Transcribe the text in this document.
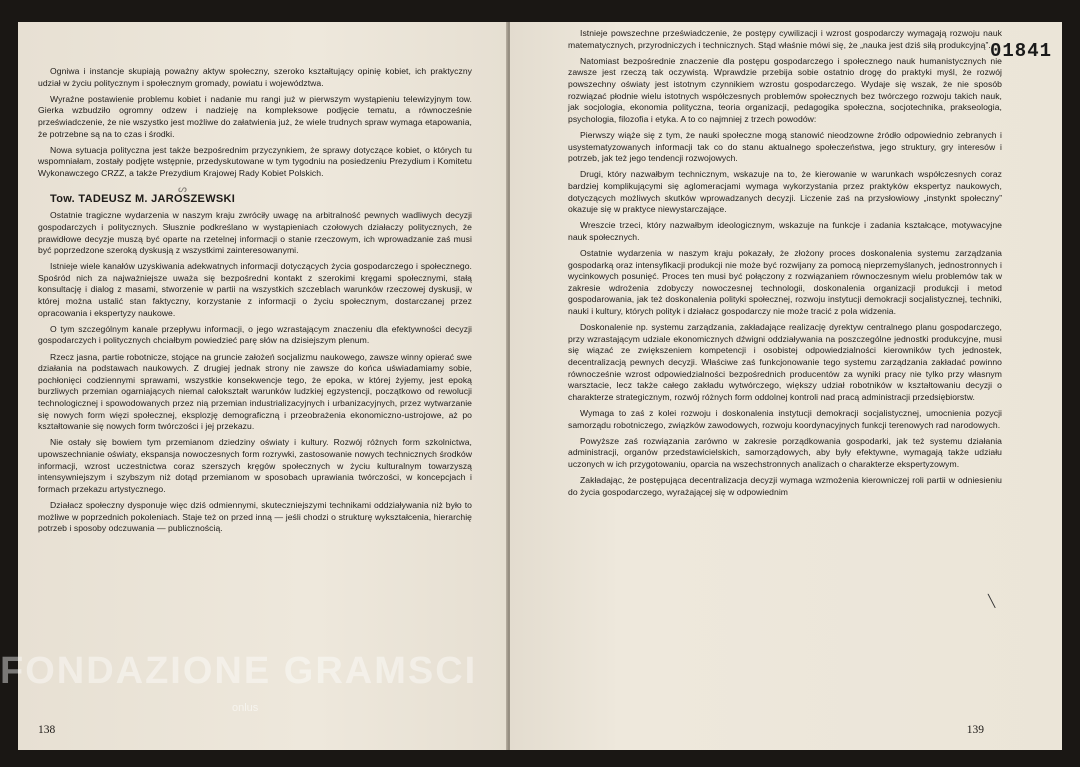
Ogniwa i instancje skupiają poważny aktyw społeczny, szeroko kształtujący opinię kobiet, ich praktyczny udział w życiu politycznym i społecznym gromady, powiatu i województwa.

Wyraźne postawienie problemu kobiet i nadanie mu rangi już w pierwszym wystąpieniu telewizyjnym tow. Gierka wzbudziło ogromny odzew i nadzieję na kompleksowe podjęcie tematu, a równocześnie przeświadczenie, że nie wszystko jest możliwe do załatwienia już, że wiele trudnych spraw wymaga etapowania, że potrzebne są na to czas i środki.

Nowa sytuacja polityczna jest także bezpośrednim przyczynkiem, że sprawy dotyczące kobiet, o których tu wspomniałam, zostały podjęte wstępnie, przedyskutowane w tym tygodniu na posiedzeniu Prezydium i Komitetu Wykonawczego CRZZ, a także Prezydium Krajowej Rady Kobiet Polskich.

ᔕ

Tow. TADEUSZ M. JAROSZEWSKI

Ostatnie tragiczne wydarzenia w naszym kraju zwróciły uwagę na arbitralność pewnych wadliwych decyzji gospodarczych i politycznych. Słusznie podkreślano w wystąpieniach czołowych działaczy politycznych, że prawidłowe decyzje muszą być oparte na rzetelnej informacji o stanie rzeczowym, ich wprowadzanie zaś musi być poprzedzone szeroką dyskusją z wszystkimi zainteresowanymi.

Istnieje wiele kanałów uzyskiwania adekwatnych informacji dotyczących życia gospodarczego i społecznego. Spośród nich za najważniejsze uważa się bezpośredni kontakt z szerokimi kręgami społecznymi, stałą konsultację i dialog z masami, stworzenie w partii na wszystkich szczeblach warunków rzeczowej dyskusji, w której można ustalić stan faktyczny, korzystanie z informacji o życiu społecznym, dostarczanej przez opracowania i ekspertyzy naukowe.

O tym szczególnym kanale przepływu informacji, o jego wzrastającym znaczeniu dla efektywności decyzji gospodarczych i politycznych chciałbym powiedzieć parę słów na dzisiejszym plenum.

Rzecz jasna, partie robotnicze, stojące na gruncie założeń socjalizmu naukowego, zawsze winny opierać swe działania na podstawach naukowych. Z drugiej jednak strony nie zawsze do końca uświadamiamy sobie, pochłonięci codziennymi sprawami, wszystkie konsekwencje tego, że epoka, w której żyjemy, jest epoką burzliwych przemian ogarniających niemal całokształt warunków ludzkiej egzystencji, początkowo od rewolucji technologicznej i spowodowanych przez nią przemian industrializacyjnych i urbanizacyjnych, przez wytwarzanie się nowych form więzi społecznej, eksplozję demograficzną i przeobrażenia ekonomiczno-ustrojowe, aż po kształtowanie się nowych form twórczości i jej przekazu.

Nie ostały się bowiem tym przemianom dziedziny oświaty i kultury. Rozwój różnych form szkolnictwa, upowszechnianie oświaty, ekspansja nowoczesnych form rozrywki, zastosowanie nowych technicznych środków informacji, wzrost uczestnictwa coraz szerszych kręgów społecznych w życiu kulturalnym towarzyszą intensywniejszym i szybszym niż dotąd przemianom w sposobach uprawiania twórczości, w koncepcjach i formach przekazu artystycznego.

Działacz społeczny dysponuje więc dziś odmiennymi, skuteczniejszymi technikami oddziaływania niż było to możliwe w poprzednich pokoleniach. Staje też on przed inną — jeśli chodzi o strukturę wykształcenia, hierarchię potrzeb i sposoby odczuwania — publicznością.

138

Istnieje powszechne przeświadczenie, że postępy cywilizacji i wzrost gospodarczy wymagają rozwoju nauk matematycznych, przyrodniczych i technicznych. Stąd właśnie mówi się, że „nauka jest dziś siłą produkcyjną”.

Natomiast bezpośrednie znaczenie dla postępu gospodarczego i społecznego nauk humanistycznych nie zawsze jest rzeczą tak oczywistą. Wprawdzie przebija sobie ostatnio drogę do praktyki myśl, że rozwój powszechny oświaty jest istotnym czynnikiem wzrostu gospodarczego. Wydaje się wszak, że nie sposób rozwiązać płodnie wielu istotnych współczesnych problemów społecznych bez twórczego rozwoju takich nauk, jak socjologia, ekonomia polityczna, teoria organizacji, pedagogika społeczna, socjotechnika, prakseologia, psychologia, filozofia i etyka. A to co najmniej z trzech powodów:

Pierwszy wiąże się z tym, że nauki społeczne mogą stanowić nieodzowne źródło odpowiednio zebranych i usystematyzowanych informacji tak co do stanu aktualnego społeczeństwa, jego struktury, gry interesów i potrzeb, jak też jego tendencji rozwojowych.

Drugi, który nazwałbym technicznym, wskazuje na to, że kierowanie w warunkach współczesnych coraz bardziej komplikującymi się aglomeracjami wymaga wykorzystania przez praktyków ekspertyz naukowych, dotyczących możliwych skutków wprowadzanych decyzji. Liczenie zaś na przysłowiowy „instynkt społeczny” okazuje się w praktyce niewystarczające.

Wreszcie trzeci, który nazwałbym ideologicznym, wskazuje na funkcje i zadania kształcące, motywacyjne nauk społecznych.

Ostatnie wydarzenia w naszym kraju pokazały, że złożony proces doskonalenia systemu zarządzania gospodarką oraz intensyfikacji produkcji nie może być rozwijany za pomocą nieprzemyślanych, jednostronnych i wycinkowych posunięć. Proces ten musi być połączony z rozwiązaniem równoczesnym wielu problemów tak w zakresie wdrożenia zdobyczy nowoczesnej technologii, doskonalenia organizacji produkcji i metod gospodarowania, jak też doskonalenia polityki społecznej, rozwoju instytucji demokracji socjalistycznej, techniki, nauki i kultury, których polityk i działacz gospodarczy nie może tracić z pola widzenia.

Doskonalenie np. systemu zarządzania, zakładające realizację dyrektyw centralnego planu gospodarczego, przy wzrastającym udziale ekonomicznych dźwigni oddziaływania na poszczególne jednostki produkcyjne, musi się wiązać ze zwiększeniem kompetencji i osobistej odpowiedzialności kierowników tych jednostek, decentralizacją pewnych decyzji. Właściwe zaś funkcjonowanie tego systemu zarządzania zakładać powinno równocześnie wzrost odpowiedzialności bezpośrednich producentów za wyniki pracy nie tylko przy własnym warsztacie, lecz także całego zakładu wytwórczego, większy udział robotników w kształtowaniu decyzji o charakterze strategicznym, rozwój różnych form oddolnej kontroli nad pracą administracji przedsiębiorstw.

Wymaga to zaś z kolei rozwoju i doskonalenia instytucji demokracji socjalistycznej, umocnienia pozycji samorządu robotniczego, związków zawodowych, rozwoju koordynacyjnych funkcji terenowych rad narodowych.

Powyższe zaś rozwiązania zarówno w zakresie porządkowania gospodarki, jak też systemu działania administracji, organów przedstawicielskich, samorządowych, aby były efektywne, wymagają także udziału uczonych w ich przygotowaniu, oparcia na wszechstronnych analizach o charakterze ekspertyzowym.

Zakładając, że postępująca decentralizacja decyzji wymaga wzmożenia kierowniczej roli partii w odniesieniu do życia gospodarczego, wyrażającej się w odpowiednim

01841
╲
139
FONDAZIONE GRAMSCI
onlus
